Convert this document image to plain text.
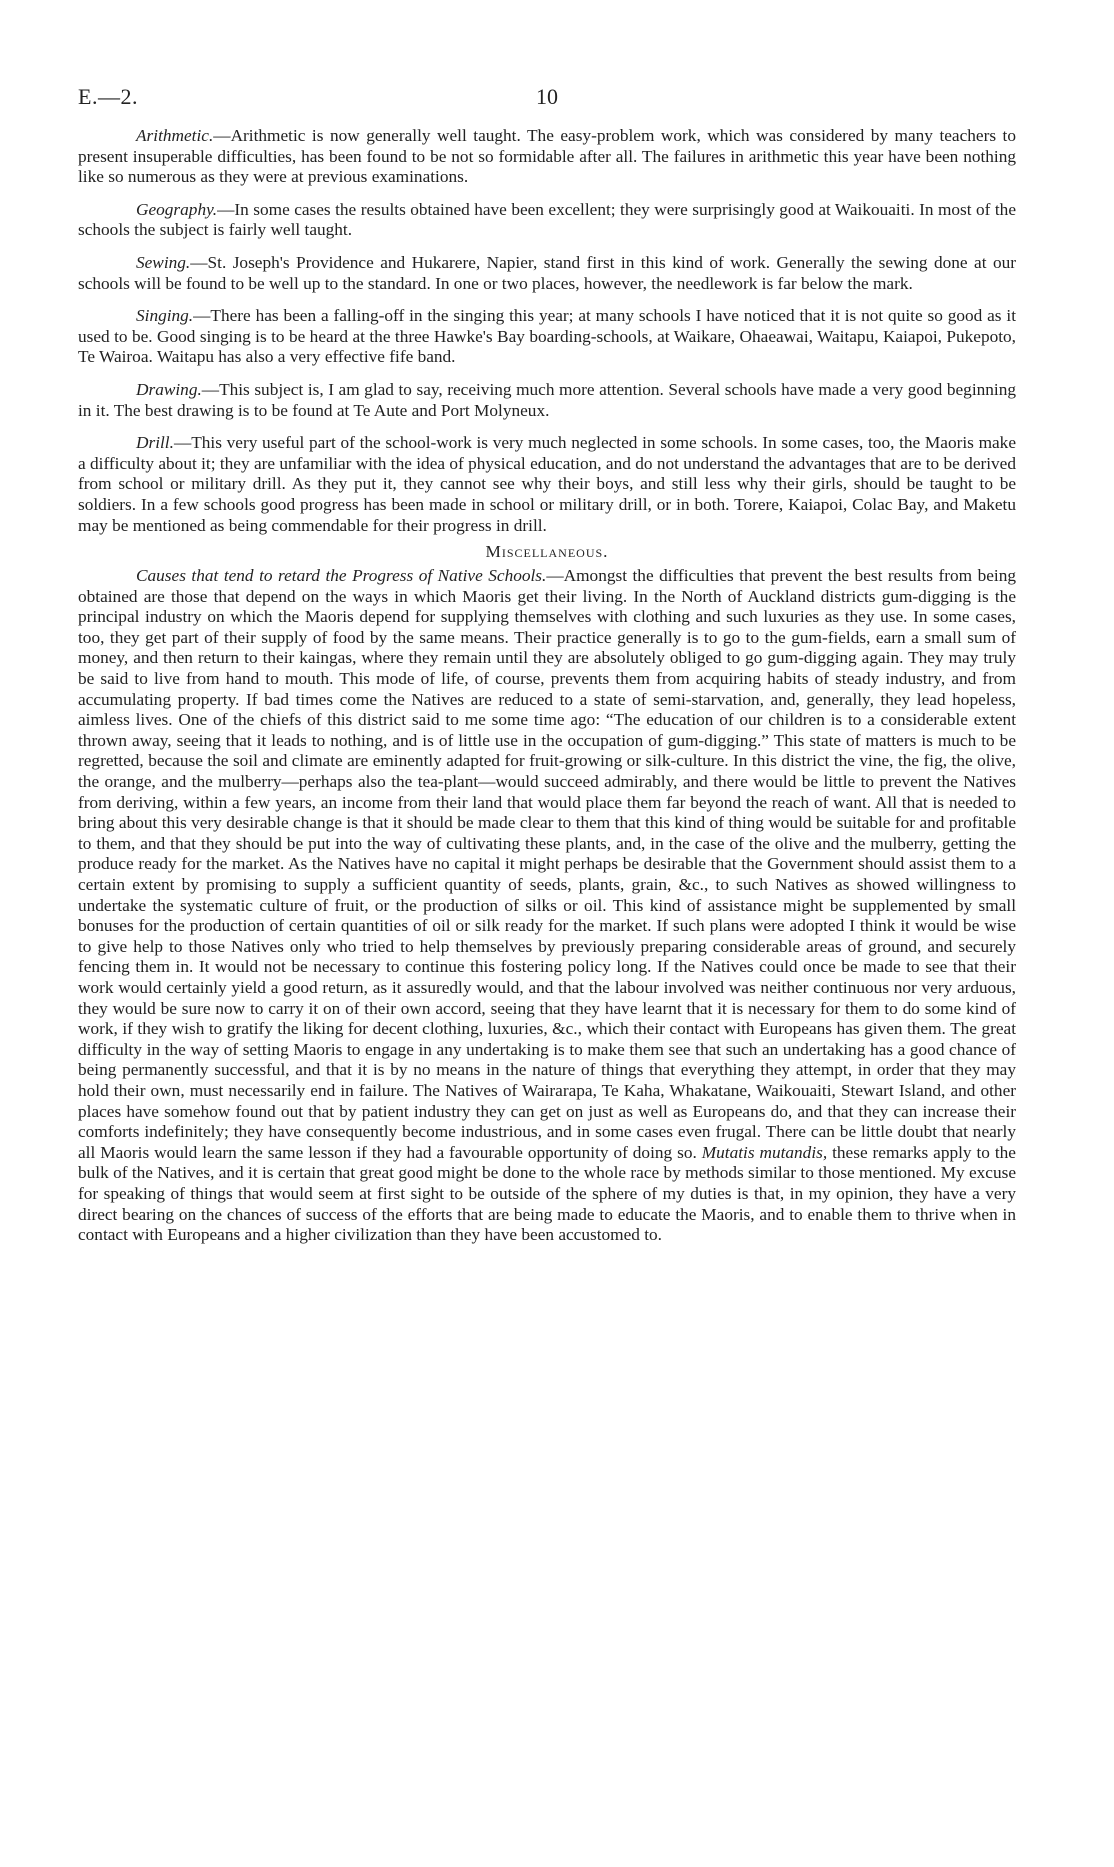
E.—2.	10

Arithmetic.—Arithmetic is now generally well taught. The easy-problem work, which was considered by many teachers to present insuperable difficulties, has been found to be not so formidable after all. The failures in arithmetic this year have been nothing like so numerous as they were at previous examinations.

Geography.—In some cases the results obtained have been excellent; they were surprisingly good at Waikouaiti. In most of the schools the subject is fairly well taught.

Sewing.—St. Joseph's Providence and Hukarere, Napier, stand first in this kind of work. Generally the sewing done at our schools will be found to be well up to the standard. In one or two places, however, the needlework is far below the mark.

Singing.—There has been a falling-off in the singing this year; at many schools I have noticed that it is not quite so good as it used to be. Good singing is to be heard at the three Hawke's Bay boarding-schools, at Waikare, Ohaeawai, Waitapu, Kaiapoi, Pukepoto, Te Wairoa. Waitapu has also a very effective fife band.

Drawing.—This subject is, I am glad to say, receiving much more attention. Several schools have made a very good beginning in it. The best drawing is to be found at Te Aute and Port Molyneux.

Drill.—This very useful part of the school-work is very much neglected in some schools. In some cases, too, the Maoris make a difficulty about it; they are unfamiliar with the idea of physical education, and do not understand the advantages that are to be derived from school or military drill. As they put it, they cannot see why their boys, and still less why their girls, should be taught to be soldiers. In a few schools good progress has been made in school or military drill, or in both. Torere, Kaiapoi, Colac Bay, and Maketu may be mentioned as being commendable for their progress in drill.

Miscellaneous.

Causes that tend to retard the Progress of Native Schools.—Amongst the difficulties that prevent the best results from being obtained are those that depend on the ways in which Maoris get their living. In the North of Auckland districts gum-digging is the principal industry on which the Maoris depend for supplying themselves with clothing and such luxuries as they use. In some cases, too, they get part of their supply of food by the same means. Their practice generally is to go to the gum-fields, earn a small sum of money, and then return to their kaingas, where they remain until they are absolutely obliged to go gum-digging again. They may truly be said to live from hand to mouth. This mode of life, of course, prevents them from acquiring habits of steady industry, and from accumulating property. If bad times come the Natives are reduced to a state of semi-starvation, and, generally, they lead hopeless, aimless lives. One of the chiefs of this district said to me some time ago: “The education of our children is to a considerable extent thrown away, seeing that it leads to nothing, and is of little use in the occupation of gum-digging.” This state of matters is much to be regretted, because the soil and climate are eminently adapted for fruit-growing or silk-culture. In this district the vine, the fig, the olive, the orange, and the mulberry—perhaps also the tea-plant—would succeed admirably, and there would be little to prevent the Natives from deriving, within a few years, an income from their land that would place them far beyond the reach of want. All that is needed to bring about this very desirable change is that it should be made clear to them that this kind of thing would be suitable for and profitable to them, and that they should be put into the way of cultivating these plants, and, in the case of the olive and the mulberry, getting the produce ready for the market. As the Natives have no capital it might perhaps be desirable that the Government should assist them to a certain extent by promising to supply a sufficient quantity of seeds, plants, grain, &c., to such Natives as showed willingness to undertake the systematic culture of fruit, or the production of silks or oil. This kind of assistance might be supplemented by small bonuses for the production of certain quantities of oil or silk ready for the market. If such plans were adopted I think it would be wise to give help to those Natives only who tried to help themselves by previously preparing considerable areas of ground, and securely fencing them in. It would not be necessary to continue this fostering policy long. If the Natives could once be made to see that their work would certainly yield a good return, as it assuredly would, and that the labour involved was neither continuous nor very arduous, they would be sure now to carry it on of their own accord, seeing that they have learnt that it is necessary for them to do some kind of work, if they wish to gratify the liking for decent clothing, luxuries, &c., which their contact with Europeans has given them. The great difficulty in the way of setting Maoris to engage in any undertaking is to make them see that such an undertaking has a good chance of being permanently successful, and that it is by no means in the nature of things that everything they attempt, in order that they may hold their own, must necessarily end in failure. The Natives of Wairarapa, Te Kaha, Whakatane, Waikouaiti, Stewart Island, and other places have somehow found out that by patient industry they can get on just as well as Europeans do, and that they can increase their comforts indefinitely; they have consequently become industrious, and in some cases even frugal. There can be little doubt that nearly all Maoris would learn the same lesson if they had a favourable opportunity of doing so. Mutatis mutandis, these remarks apply to the bulk of the Natives, and it is certain that great good might be done to the whole race by methods similar to those mentioned. My excuse for speaking of things that would seem at first sight to be outside of the sphere of my duties is that, in my opinion, they have a very direct bearing on the chances of success of the efforts that are being made to educate the Maoris, and to enable them to thrive when in contact with Europeans and a higher civilization than they have been accustomed to.
